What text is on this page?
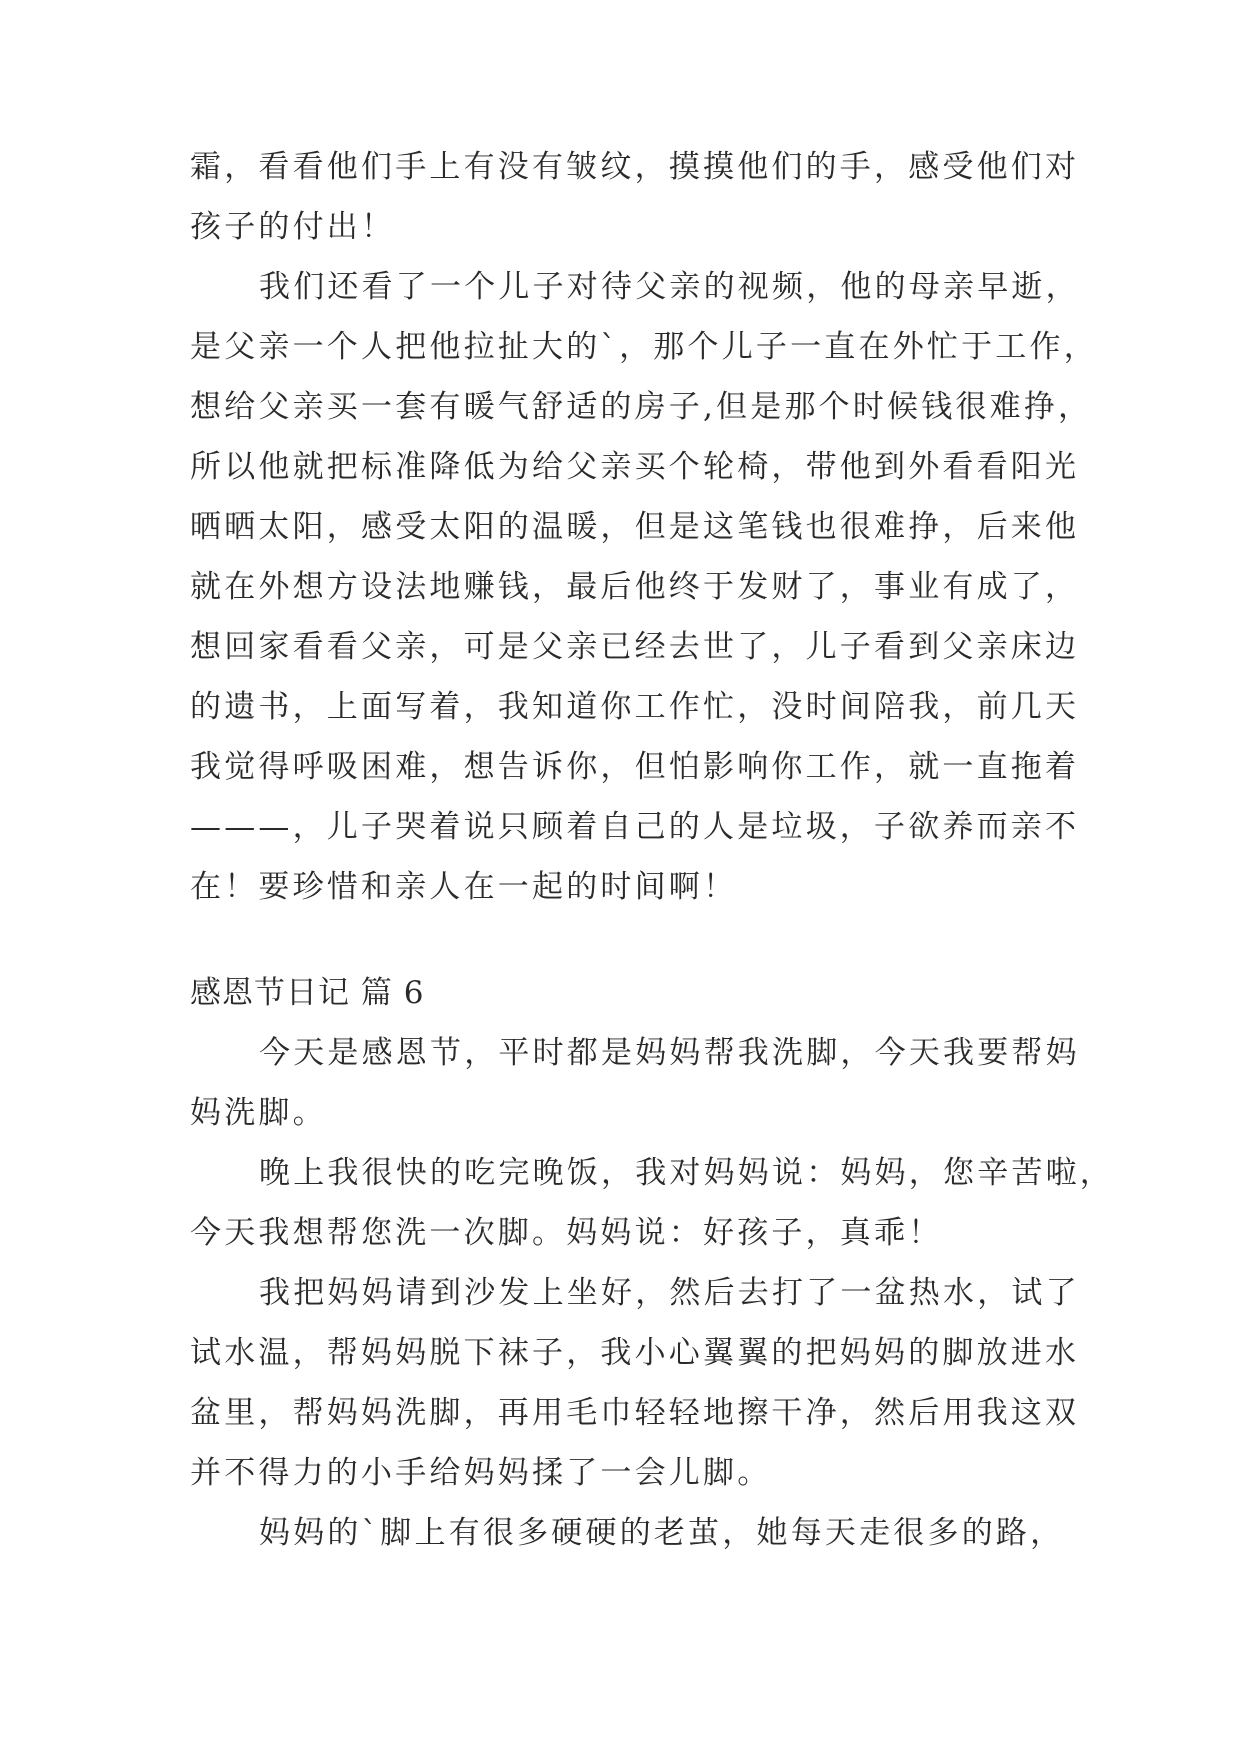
霜，看看他们手上有没有皱纹，摸摸他们的手，感受他们对
孩子的付出！
我们还看了一个儿子对待父亲的视频，他的母亲早逝，
是父亲一个人把他拉扯大的`，那个儿子一直在外忙于工作，
想给父亲买一套有暖气舒适的房子,但是那个时候钱很难挣，
所以他就把标准降低为给父亲买个轮椅，带他到外看看阳光
晒晒太阳，感受太阳的温暖，但是这笔钱也很难挣，后来他
就在外想方设法地赚钱，最后他终于发财了，事业有成了，
想回家看看父亲，可是父亲已经去世了，儿子看到父亲床边
的遗书，上面写着，我知道你工作忙，没时间陪我，前几天
我觉得呼吸困难，想告诉你，但怕影响你工作，就一直拖着
———，儿子哭着说只顾着自己的人是垃圾，子欲养而亲不
在！要珍惜和亲人在一起的时间啊！
感恩节日记 篇 6
今天是感恩节，平时都是妈妈帮我洗脚，今天我要帮妈
妈洗脚。
晚上我很快的吃完晚饭，我对妈妈说：妈妈，您辛苦啦，
今天我想帮您洗一次脚。妈妈说：好孩子，真乖！
我把妈妈请到沙发上坐好，然后去打了一盆热水，试了
试水温，帮妈妈脱下袜子，我小心翼翼的把妈妈的脚放进水
盆里，帮妈妈洗脚，再用毛巾轻轻地擦干净，然后用我这双
并不得力的小手给妈妈揉了一会儿脚。
妈妈的`脚上有很多硬硬的老茧，她每天走很多的路，
